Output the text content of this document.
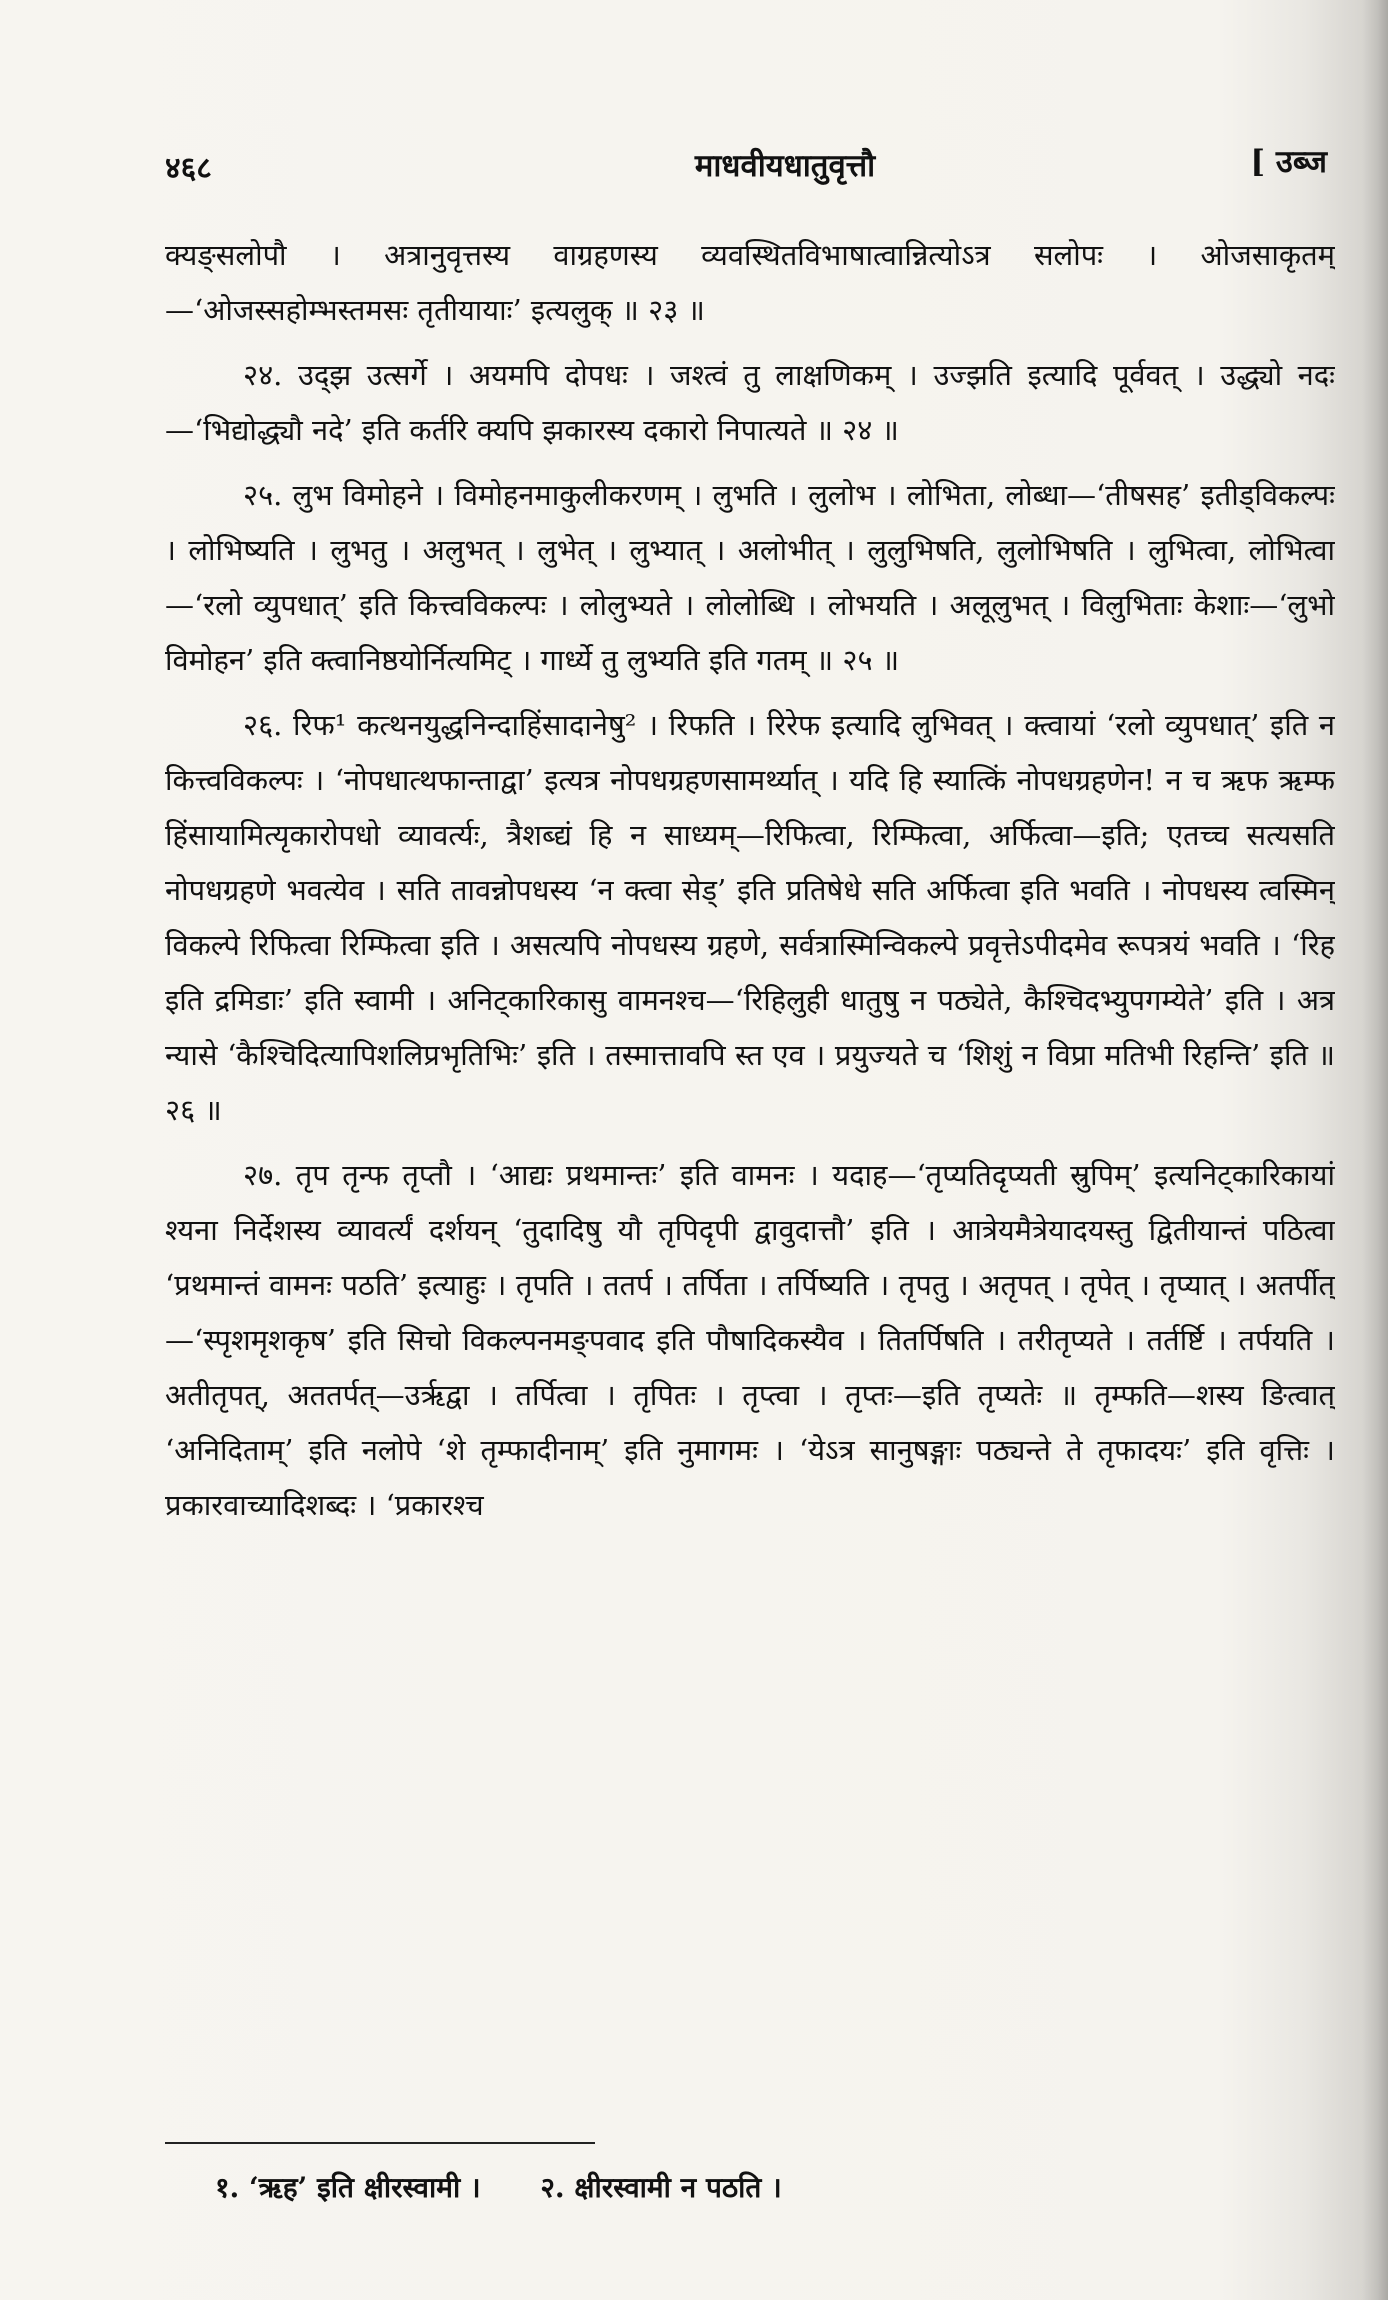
४६८	माधवीयधातुवृत्तौ	[ उब्ज

क्यङ्सलोपौ । अत्रानुवृत्तस्य वाग्रहणस्य व्यवस्थितविभाषात्वान्नित्योऽत्र सलोपः । ओजसाकृतम्—‘ओजस्सहोम्भस्तमसः तृतीयायाः’ इत्यलुक् ॥ २३ ॥

२४. उद्झ उत्सर्गे । अयमपि दोपधः । जश्त्वं तु लाक्षणिकम् । उज्झति इत्यादि पूर्ववत् । उद्ध्यो नदः—‘भिद्योद्ध्यौ नदे’ इति कर्तरि क्यपि झकारस्य दकारो निपात्यते ॥ २४ ॥

२५. लुभ विमोहने । विमोहनमाकुलीकरणम् । लुभति । लुलोभ । लोभिता, लोब्धा—‘तीषसह’ इतीड्विकल्पः । लोभिष्यति । लुभतु । अलुभत् । लुभेत् । लुभ्यात् । अलोभीत् । लुलुभिषति, लुलोभिषति । लुभित्वा, लोभित्वा—‘रलो व्युपधात्’ इति कित्त्वविकल्पः । लोलुभ्यते । लोलोब्धि । लोभयति । अलूलुभत् । विलुभिताः केशाः—‘लुभो विमोहन’ इति क्त्वानिष्ठयोर्नित्यमिट् । गार्ध्ये तु लुभ्यति इति गतम् ॥ २५ ॥

२६. रिफ¹ कत्थनयुद्धनिन्दाहिंसादानेषु² । रिफति । रिरेफ इत्यादि लुभिवत् । क्त्वायां ‘रलो व्युपधात्’ इति न कित्त्वविकल्पः । ‘नोपधात्थफान्ताद्वा’ इत्यत्र नोपधग्रहणसामर्थ्यात् । यदि हि स्यात्किं नोपधग्रहणेन! न च ऋफ ऋम्फ हिंसायामित्यृकारोपधो व्यावर्त्यः, त्रैशब्द्यं हि न साध्यम्—रिफित्वा, रिम्फित्वा, अर्फित्वा—इति; एतच्च सत्यसति नोपधग्रहणे भवत्येव । सति तावन्नोपधस्य ‘न क्त्वा सेड्’ इति प्रतिषेधे सति अर्फित्वा इति भवति । नोपधस्य त्वस्मिन् विकल्पे रिफित्वा रिम्फित्वा इति । असत्यपि नोपधस्य ग्रहणे, सर्वत्रास्मिन्विकल्पे प्रवृत्तेऽपीदमेव रूपत्रयं भवति । ‘रिह इति द्रमिडाः’ इति स्वामी । अनिट्कारिकासु वामनश्च—‘रिहिलुही धातुषु न पठ्येते, कैश्चिदभ्युपगम्येते’ इति । अत्र न्यासे ‘कैश्चिदित्यापिशलिप्रभृतिभिः’ इति । तस्मात्तावपि स्त एव । प्रयुज्यते च ‘शिशुं न विप्रा मतिभी रिहन्ति’ इति ॥ २६ ॥

२७. तृप तृन्फ तृप्तौ । ‘आद्यः प्रथमान्तः’ इति वामनः । यदाह—‘तृप्यतिदृप्यती स्रुपिम्’ इत्यनिट्कारिकायां श्यना निर्देशस्य व्यावर्त्यं दर्शयन् ‘तुदादिषु यौ तृपिदृपी द्वावुदात्तौ’ इति । आत्रेयमैत्रेयादयस्तु द्वितीयान्तं पठित्वा ‘प्रथमान्तं वामनः पठति’ इत्याहुः । तृपति । ततर्प । तर्पिता । तर्पिष्यति । तृपतु । अतृपत् । तृपेत् । तृप्यात् । अतर्पीत्—‘स्पृशमृशकृष’ इति सिचो विकल्पनमङ्पवाद इति पौषादिकस्यैव । तितर्पिषति । तरीतृप्यते । तर्तर्ष्टि । तर्पयति । अतीतृपत्, अततर्पत्—उर्ऋद्वा । तर्पित्वा । तृपितः । तृप्त्वा । तृप्तः—इति तृप्यतेः ॥ तृम्फति—शस्य ङित्वात् ‘अनिदिताम्’ इति नलोपे ‘शे तृम्फादीनाम्’ इति नुमागमः । ‘येऽत्र सानुषङ्गाः पठ्यन्ते ते तृफादयः’ इति वृत्तिः । प्रकारवाच्यादिशब्दः । ‘प्रकारश्च

१. ‘ऋह’ इति क्षीरस्वामी । २. क्षीरस्वामी न पठति ।
